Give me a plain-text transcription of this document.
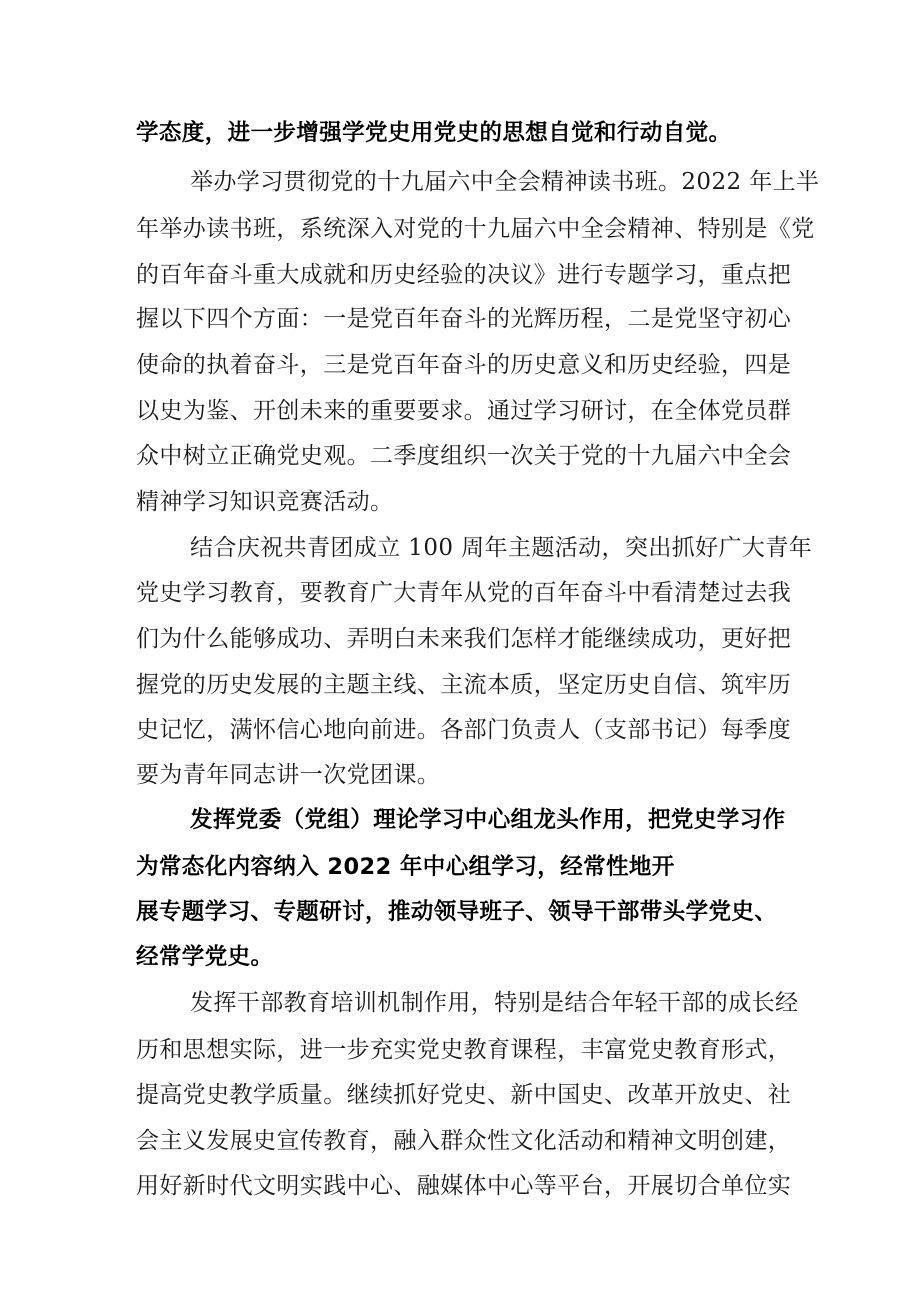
学态度，进一步增强学党史用党史的思想自觉和行动自觉。
举办学习贯彻党的十九届六中全会精神读书班。2022 年上半
年举办读书班，系统深入对党的十九届六中全会精神、特别是《党
的百年奋斗重大成就和历史经验的决议》进行专题学习，重点把
握以下四个方面：一是党百年奋斗的光辉历程，二是党坚守初心
使命的执着奋斗，三是党百年奋斗的历史意义和历史经验，四是
以史为鉴、开创未来的重要要求。通过学习研讨，在全体党员群
众中树立正确党史观。二季度组织一次关于党的十九届六中全会
精神学习知识竞赛活动。
结合庆祝共青团成立 100 周年主题活动，突出抓好广大青年
党史学习教育，要教育广大青年从党的百年奋斗中看清楚过去我
们为什么能够成功、弄明白未来我们怎样才能继续成功，更好把
握党的历史发展的主题主线、主流本质，坚定历史自信、筑牢历
史记忆，满怀信心地向前进。各部门负责人（支部书记）每季度
要为青年同志讲一次党团课。
发挥党委（党组）理论学习中心组龙头作用，把党史学习作
为常态化内容纳入 2022 年中心组学习，经常性地开
展专题学习、专题研讨，推动领导班子、领导干部带头学党史、
经常学党史。
发挥干部教育培训机制作用，特别是结合年轻干部的成长经
历和思想实际，进一步充实党史教育课程，丰富党史教育形式，
提高党史教学质量。继续抓好党史、新中国史、改革开放史、社
会主义发展史宣传教育，融入群众性文化活动和精神文明创建，
用好新时代文明实践中心、融媒体中心等平台，开展切合单位实
